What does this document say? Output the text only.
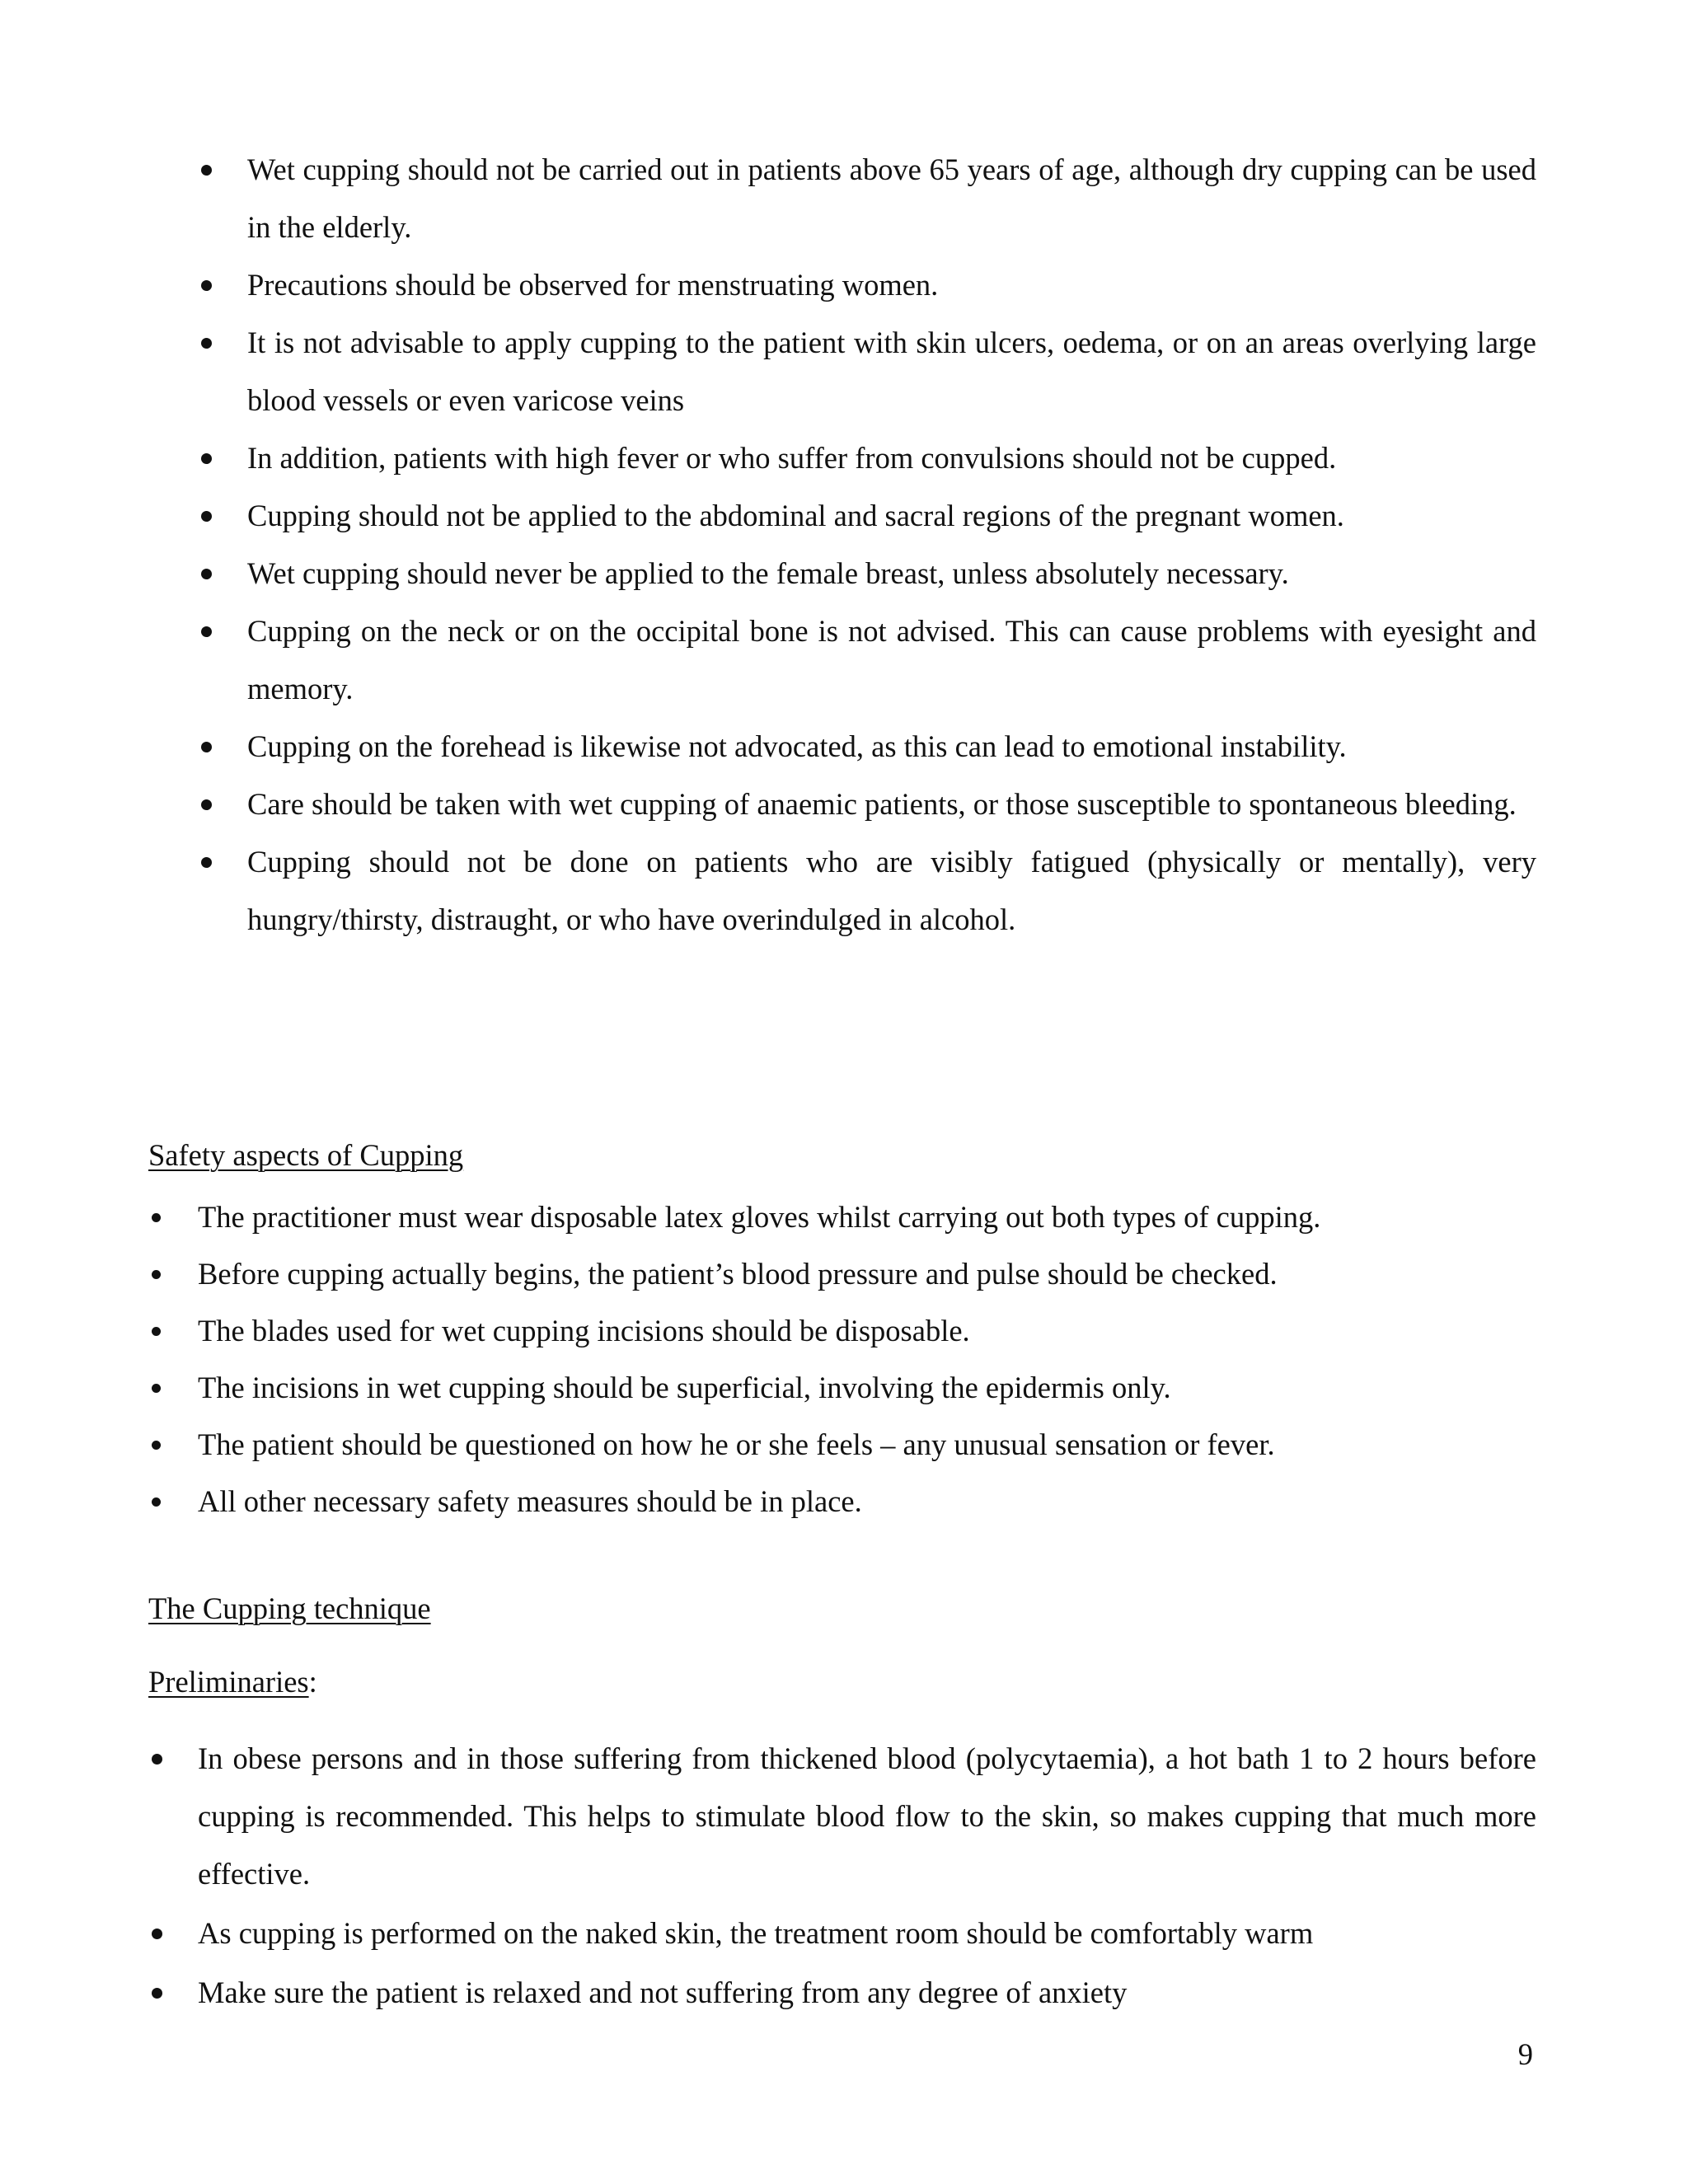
Wet cupping should not be carried out in patients above 65 years of age, although dry cupping can be used in the elderly.
Precautions should be observed for menstruating women.
It is not advisable to apply cupping to the patient with skin ulcers, oedema, or on an areas overlying large blood vessels or even varicose veins
In addition, patients with high fever or who suffer from convulsions should not be cupped.
Cupping should not be applied to the abdominal and sacral regions of the pregnant women.
Wet cupping should never be applied to the female breast, unless absolutely necessary.
Cupping on the neck or on the occipital bone is not advised. This can cause problems with eyesight and memory.
Cupping on the forehead is likewise not advocated, as this can lead to emotional instability.
Care should be taken with wet cupping of anaemic patients, or those susceptible to spontaneous bleeding.
Cupping should not be done on patients who are visibly fatigued (physically or mentally), very hungry/thirsty, distraught, or who have overindulged in alcohol.
Safety aspects of Cupping
The practitioner must wear disposable latex gloves whilst carrying out both types of cupping.
Before cupping actually begins, the patient’s blood pressure and pulse should be checked.
The blades used for wet cupping incisions should be disposable.
The incisions in wet cupping should be superficial, involving the epidermis only.
The patient should be questioned on how he or she feels – any unusual sensation or fever.
All other necessary safety measures should be in place.
The Cupping technique
Preliminaries:
In obese persons and in those suffering from thickened blood (polycytaemia), a hot bath 1 to 2 hours before cupping is recommended. This helps to stimulate blood flow to the skin, so makes cupping that much more effective.
As cupping is performed on the naked skin, the treatment room should be comfortably warm
Make sure the patient is relaxed and not suffering from any degree of anxiety
9
